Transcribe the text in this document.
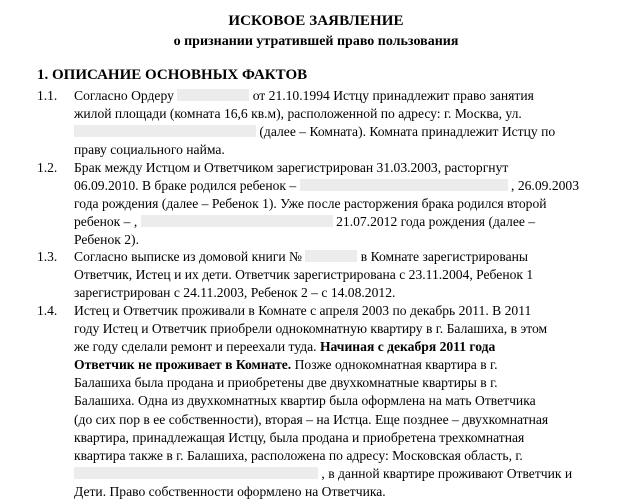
ИСКОВОЕ ЗАЯВЛЕНИЕ
о признании утратившей право пользования
1. ОПИСАНИЕ ОСНОВНЫХ ФАКТОВ
1.1. Согласно Ордеру	от 21.10.1994 Истцу принадлежит право занятия
жилой площади (комната 16,6 кв.м), расположенной по адресу: г. Москва, ул.
(далее – Комната). Комната принадлежит Истцу по
праву социального найма.
1.2. Брак между Истцом и Ответчиком зарегистрирован 31.03.2003, расторгнут
06.09.2010. В браке родился ребенок –	, 26.09.2003
года рождения (далее – Ребенок 1). Уже после расторжения брака родился второй
ребенок – ,	21.07.2012 года рождения (далее –
Ребенок 2).
1.3. Согласно выписке из домовой книги №	в Комнате зарегистрированы
Ответчик, Истец и их дети. Ответчик зарегистрирована с 23.11.2004, Ребенок 1
зарегистрирован с 24.11.2003, Ребенок 2 – с 14.08.2012.
1.4. Истец и Ответчик проживали в Комнате с апреля 2003 по декабрь 2011. В 2011
году Истец и Ответчик приобрели однокомнатную квартиру в г. Балашиха, в этом
же году сделали ремонт и переехали туда. Начиная с декабря 2011 года
Ответчик не проживает в Комнате. Позже однокомнатная квартира в г.
Балашиха была продана и приобретены две двухкомнатные квартиры в г.
Балашиха. Одна из двухкомнатных квартир была оформлена на мать Ответчика
(до сих пор в ее собственности), вторая – на Истца. Еще позднее – двухкомнатная
квартира, принадлежащая Истцу, была продана и приобретена трехкомнатная
квартира также в г. Балашиха, расположена по адресу: Московская область, г.
, в данной квартире проживают Ответчик и
Дети. Право собственности оформлено на Ответчика.
